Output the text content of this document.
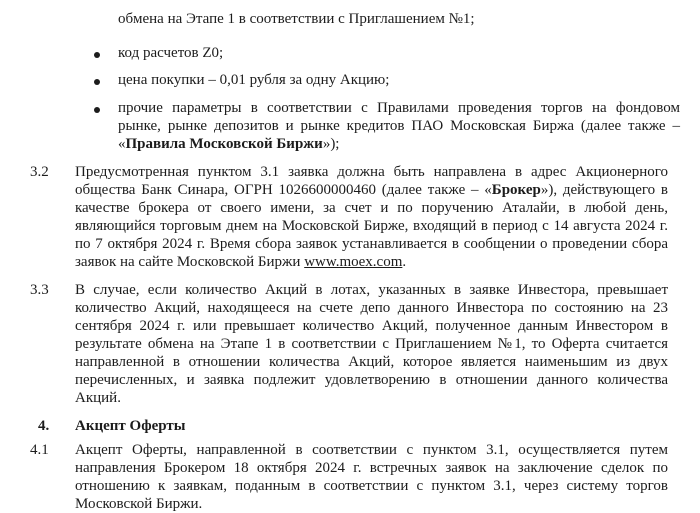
обмена на Этапе 1 в соответствии с Приглашением №1;
код расчетов Z0;
цена покупки – 0,01 рубля за одну Акцию;
прочие параметры в соответствии с Правилами проведения торгов на фондовом
рынке, рынке депозитов и рынке кредитов ПАО Московская Биржа (далее также –
«Правила Московской Биржи»);
3.2 Предусмотренная пунктом 3.1 заявка должна быть направлена в адрес Акционерного
общества Банк Синара, ОГРН 1026600000460 (далее также – «Брокер»), действующего в
качестве брокера от своего имени, за счет и по поручению Аталайи, в любой день,
являющийся торговым днем на Московской Бирже, входящий в период с 14 августа 2024 г.
по 7 октября 2024 г. Время сбора заявок устанавливается в сообщении о проведении сбора
заявок на сайте Московской Биржи www.moex.com.
3.3 В случае, если количество Акций в лотах, указанных в заявке Инвестора, превышает
количество Акций, находящееся на счете депо данного Инвестора по состоянию на 23
сентября 2024 г. или превышает количество Акций, полученное данным Инвестором в
результате обмена на Этапе 1 в соответствии с Приглашением №1, то Оферта считается
направленной в отношении количества Акций, которое является наименьшим из двух
перечисленных, и заявка подлежит удовлетворению в отношении данного количества
Акций.
4. Акцепт Оферты
4.1 Акцепт Оферты, направленной в соответствии с пунктом 3.1, осуществляется путем
направления Брокером 18 октября 2024 г. встречных заявок на заключение сделок по
отношению к заявкам, поданным в соответствии с пунктом 3.1, через систему торгов
Московской Биржи.
